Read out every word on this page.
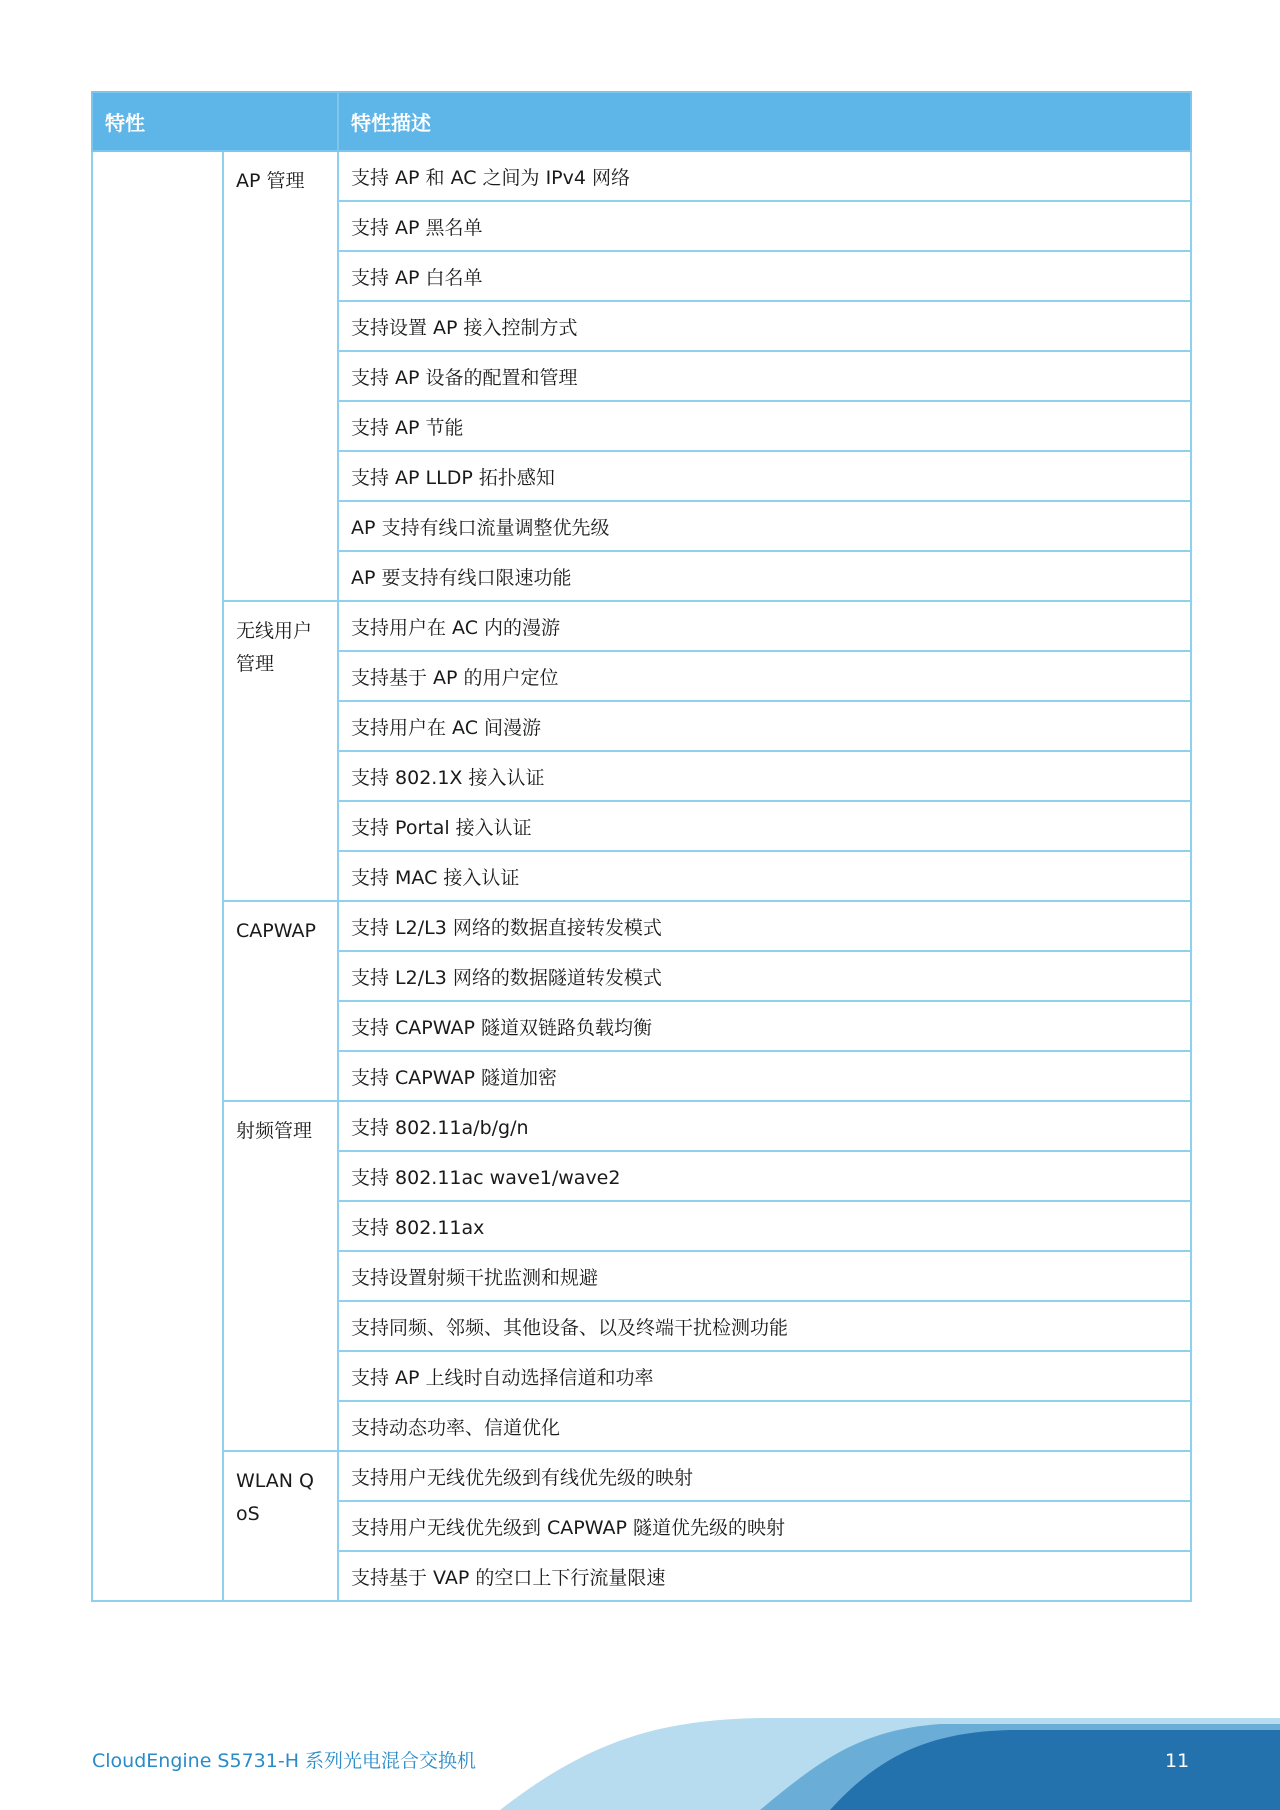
特性		特性描述
	AP 管理	支持 AP 和 AC 之间为 IPv4 网络
		支持 AP 黑名单
		支持 AP 白名单
		支持设置 AP 接入控制方式
		支持 AP 设备的配置和管理
		支持 AP 节能
		支持 AP LLDP 拓扑感知
		AP 支持有线口流量调整优先级
		AP 要支持有线口限速功能
	无线用户管理	支持用户在 AC 内的漫游
		支持基于 AP 的用户定位
		支持用户在 AC 间漫游
		支持 802.1X 接入认证
		支持 Portal 接入认证
		支持 MAC 接入认证
	CAPWAP	支持 L2/L3 网络的数据直接转发模式
		支持 L2/L3 网络的数据隧道转发模式
		支持 CAPWAP 隧道双链路负载均衡
		支持 CAPWAP 隧道加密
	射频管理	支持 802.11a/b/g/n
		支持 802.11ac wave1/wave2
		支持 802.11ax
		支持设置射频干扰监测和规避
		支持同频、邻频、其他设备、以及终端干扰检测功能
		支持 AP 上线时自动选择信道和功率
		支持动态功率、信道优化
	WLAN QoS	支持用户无线优先级到有线优先级的映射
		支持用户无线优先级到 CAPWAP 隧道优先级的映射
		支持基于 VAP 的空口上下行流量限速
CloudEngine S5731-H 系列光电混合交换机	11
